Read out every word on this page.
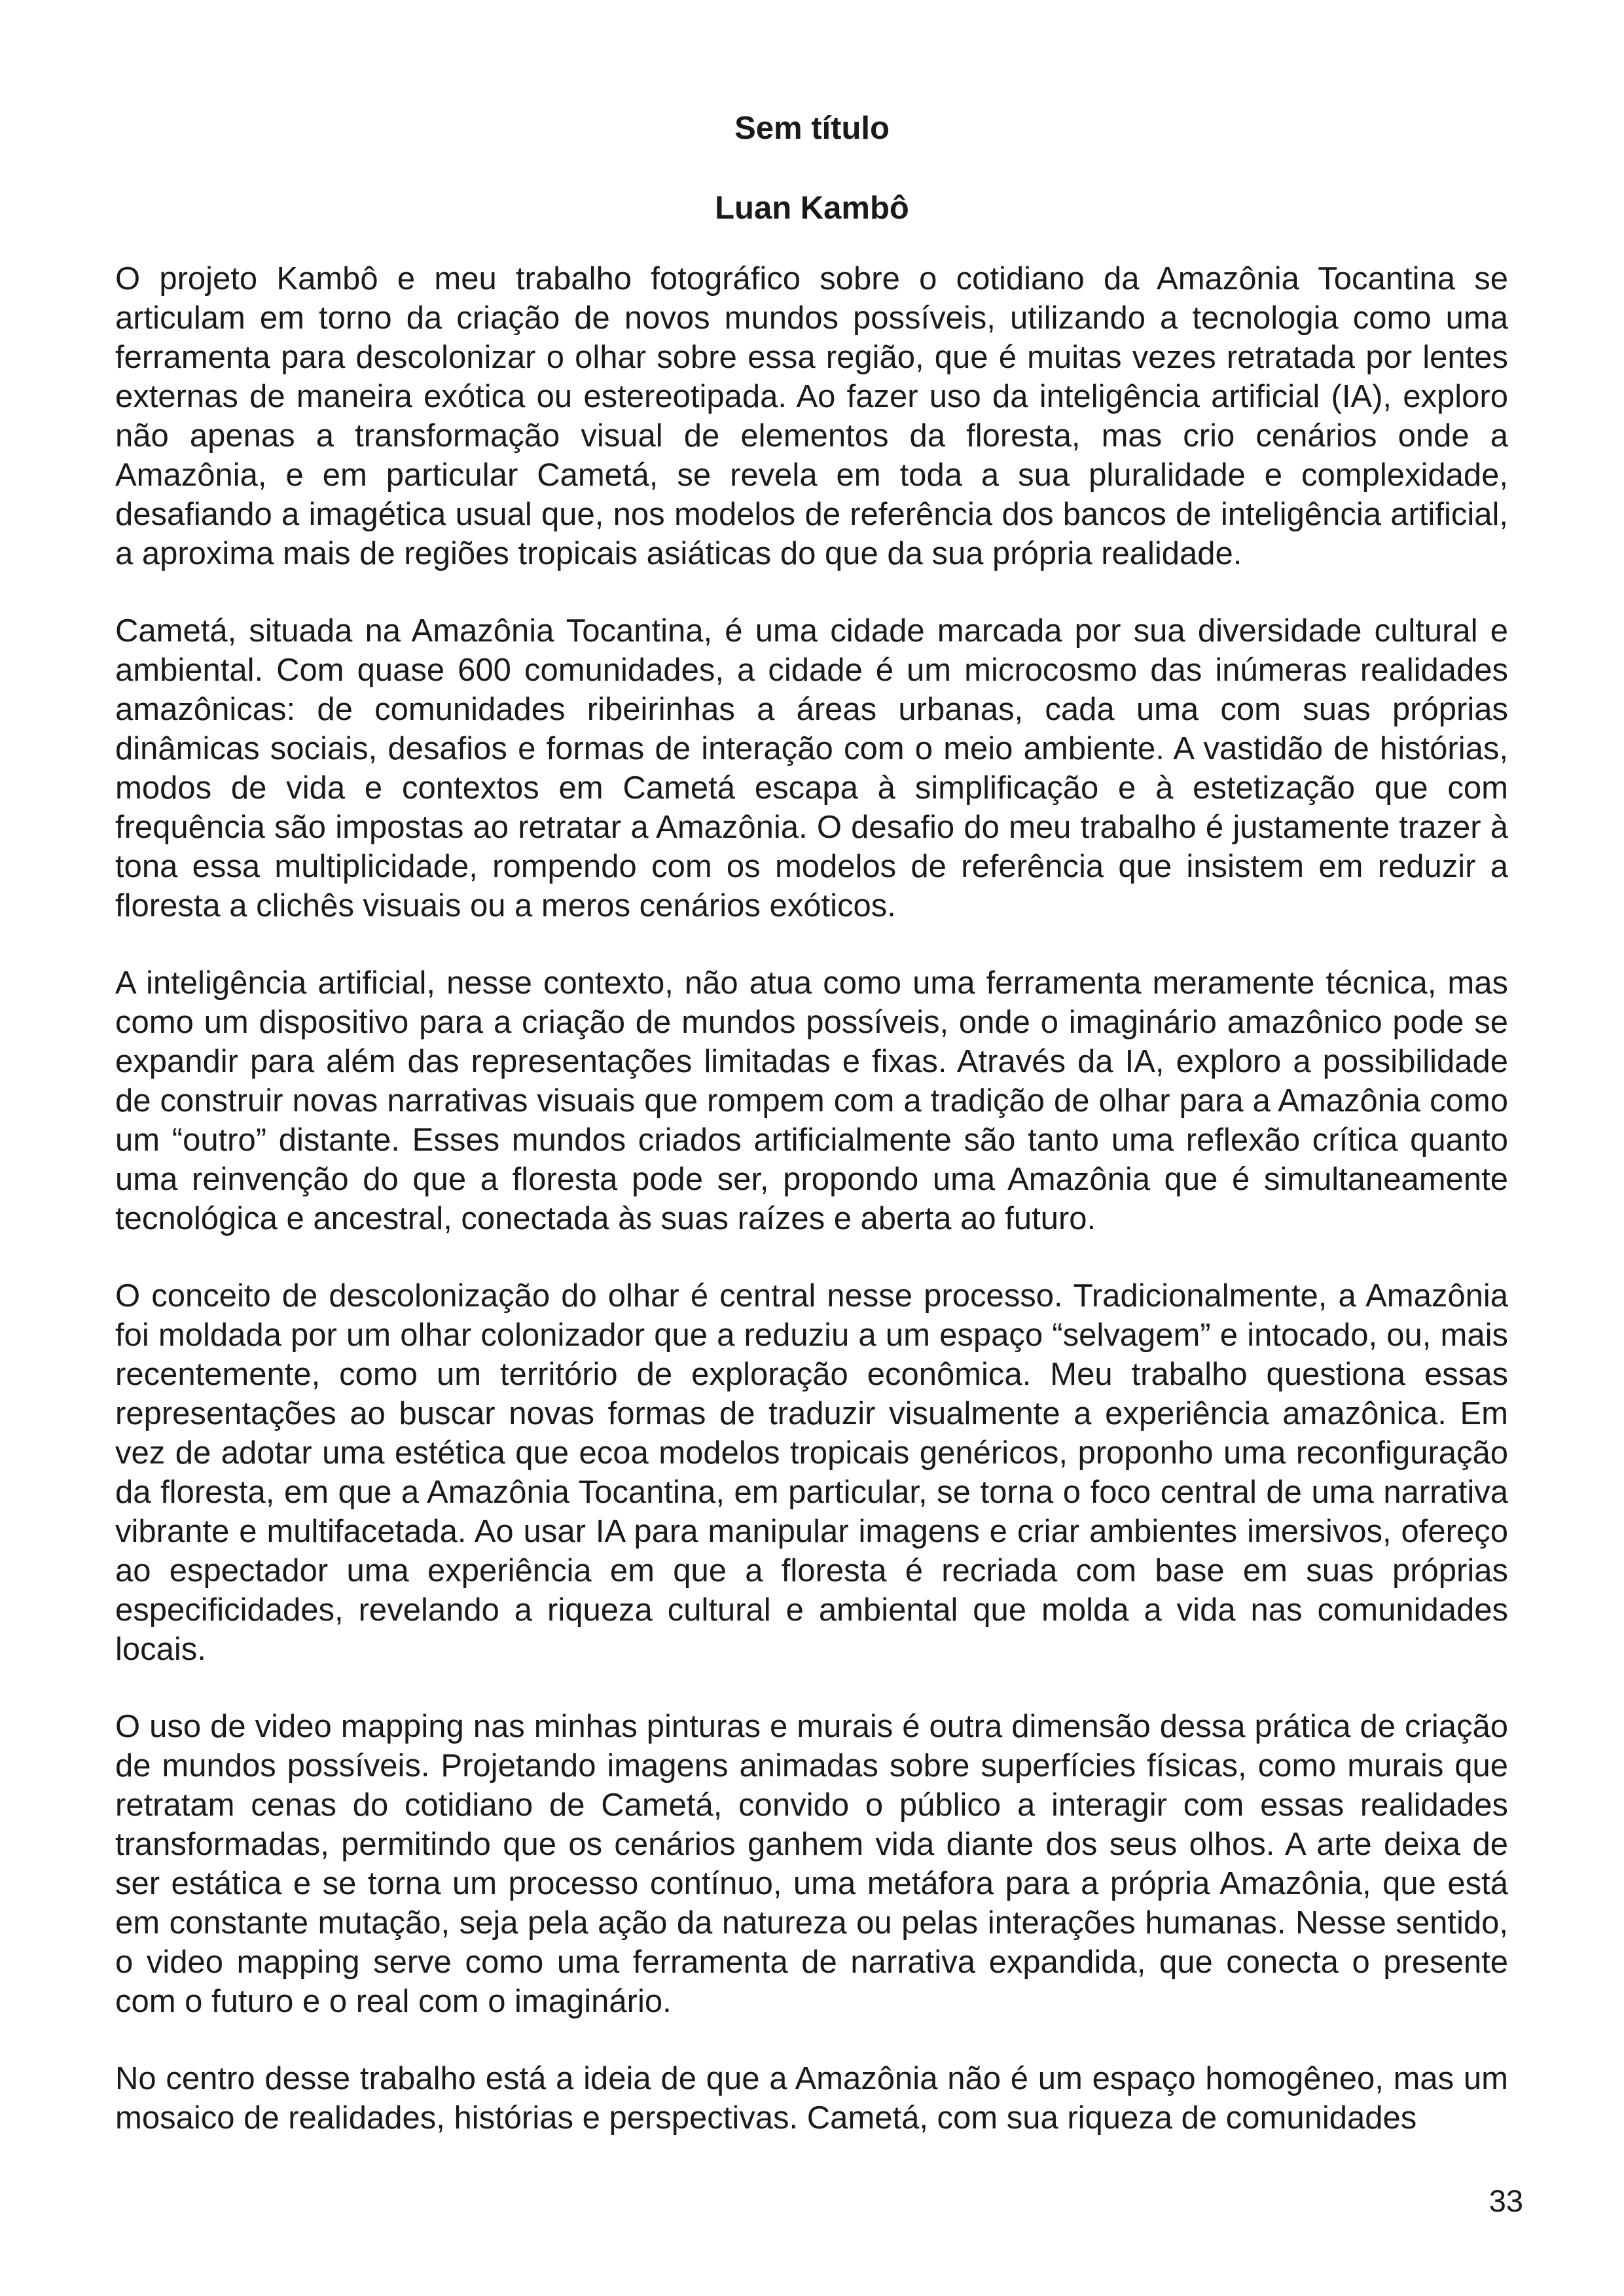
Sem título
Luan Kambô

O projeto Kambô e meu trabalho fotográfico sobre o cotidiano da Amazônia Tocantina se articulam em torno da criação de novos mundos possíveis, utilizando a tecnologia como uma ferramenta para descolonizar o olhar sobre essa região, que é muitas vezes retratada por lentes externas de maneira exótica ou estereotipada. Ao fazer uso da inteligência artificial (IA), exploro não apenas a transformação visual de elementos da floresta, mas crio cenários onde a Amazônia, e em particular Cametá, se revela em toda a sua pluralidade e complexidade, desafiando a imagética usual que, nos modelos de referência dos bancos de inteligência artificial, a aproxima mais de regiões tropicais asiáticas do que da sua própria realidade.

Cametá, situada na Amazônia Tocantina, é uma cidade marcada por sua diversidade cultural e ambiental. Com quase 600 comunidades, a cidade é um microcosmo das inúmeras realidades amazônicas: de comunidades ribeirinhas a áreas urbanas, cada uma com suas próprias dinâmicas sociais, desafios e formas de interação com o meio ambiente. A vastidão de histórias, modos de vida e contextos em Cametá escapa à simplificação e à estetização que com frequência são impostas ao retratar a Amazônia. O desafio do meu trabalho é justamente trazer à tona essa multiplicidade, rompendo com os modelos de referência que insistem em reduzir a floresta a clichês visuais ou a meros cenários exóticos.

A inteligência artificial, nesse contexto, não atua como uma ferramenta meramente técnica, mas como um dispositivo para a criação de mundos possíveis, onde o imaginário amazônico pode se expandir para além das representações limitadas e fixas. Através da IA, exploro a possibilidade de construir novas narrativas visuais que rompem com a tradição de olhar para a Amazônia como um “outro” distante. Esses mundos criados artificialmente são tanto uma reflexão crítica quanto uma reinvenção do que a floresta pode ser, propondo uma Amazônia que é simultaneamente tecnológica e ancestral, conectada às suas raízes e aberta ao futuro.

O conceito de descolonização do olhar é central nesse processo. Tradicionalmente, a Amazônia foi moldada por um olhar colonizador que a reduziu a um espaço “selvagem” e intocado, ou, mais recentemente, como um território de exploração econômica. Meu trabalho questiona essas representações ao buscar novas formas de traduzir visualmente a experiência amazônica. Em vez de adotar uma estética que ecoa modelos tropicais genéricos, proponho uma reconfiguração da floresta, em que a Amazônia Tocantina, em particular, se torna o foco central de uma narrativa vibrante e multifacetada. Ao usar IA para manipular imagens e criar ambientes imersivos, ofereço ao espectador uma experiência em que a floresta é recriada com base em suas próprias especificidades, revelando a riqueza cultural e ambiental que molda a vida nas comunidades locais.

O uso de video mapping nas minhas pinturas e murais é outra dimensão dessa prática de criação de mundos possíveis. Projetando imagens animadas sobre superfícies físicas, como murais que retratam cenas do cotidiano de Cametá, convido o público a interagir com essas realidades transformadas, permitindo que os cenários ganhem vida diante dos seus olhos. A arte deixa de ser estática e se torna um processo contínuo, uma metáfora para a própria Amazônia, que está em constante mutação, seja pela ação da natureza ou pelas interações humanas. Nesse sentido, o video mapping serve como uma ferramenta de narrativa expandida, que conecta o presente com o futuro e o real com o imaginário.

No centro desse trabalho está a ideia de que a Amazônia não é um espaço homogêneo, mas um mosaico de realidades, histórias e perspectivas. Cametá, com sua riqueza de comunidades

33
